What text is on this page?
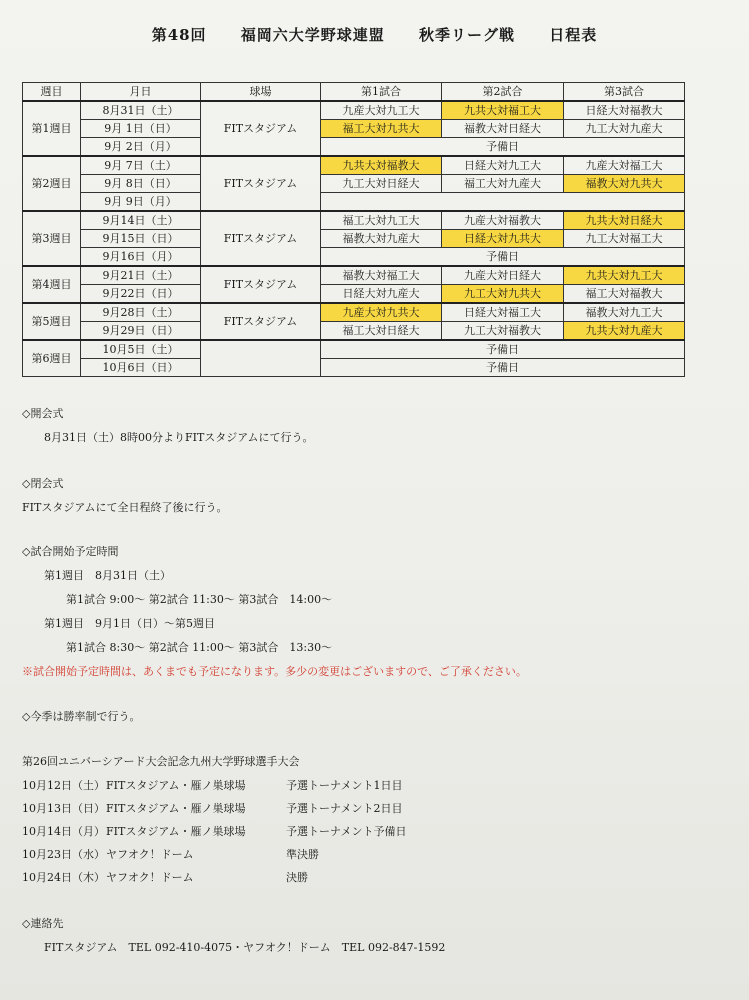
第48回 福岡六大学野球連盟 秋季リーグ戦 日程表
週目	月日	球場	第1試合	第2試合	第3試合
第1週目	8月31日（土）	FITスタジアム	九産大対九工大	九共大対福工大	日経大対福教大
	9月 1日（日）		福工大対九共大	福教大対日経大	九工大対九産大
	9月 2日（月）		予備日		
第2週目	9月 7日（土）	FITスタジアム	九共大対福教大	日経大対九工大	九産大対福工大
	9月 8日（日）		九工大対日経大	福工大対九産大	福教大対九共大
	9月 9日（月）				
第3週目	9月14日（土）	FITスタジアム	福工大対九工大	九産大対福教大	九共大対日経大
	9月15日（日）		福教大対九産大	日経大対九共大	九工大対福工大
	9月16日（月）		予備日		
第4週目	9月21日（土）	FITスタジアム	福教大対福工大	九産大対日経大	九共大対九工大
	9月22日（日）		日経大対九産大	九工大対九共大	福工大対福教大
第5週目	9月28日（土）	FITスタジアム	九産大対九共大	日経大対福工大	福教大対九工大
	9月29日（日）		福工大対日経大	九工大対福教大	九共大対九産大
第6週目	10月5日（土）		予備日		
	10月6日（日）		予備日		
◇開会式
8月31日（土）8時00分よりFITスタジアムにて行う。
◇閉会式
FITスタジアムにて全日程終了後に行う。
◇試合開始予定時間
第1週目　8月31日（土）
第1試合 9:00～ 第2試合 11:30～ 第3試合　14:00～
第1週目　9月1日（日）～第5週目
第1試合 8:30～ 第2試合 11:00～ 第3試合　13:30～
※試合開始予定時間は、あくまでも予定になります。多少の変更はございますので、ご了承ください。
◇今季は勝率制で行う。
第26回ユニバーシアード大会記念九州大学野球選手大会
10月12日（土） FITスタジアム・雁ノ巣球場	予選トーナメント1日目
10月13日（日） FITスタジアム・雁ノ巣球場	予選トーナメント2日目
10月14日（月） FITスタジアム・雁ノ巣球場	予選トーナメント予備日
10月23日（水） ヤフオク！ドーム	準決勝
10月24日（木） ヤフオク！ドーム	決勝
◇連絡先
FITスタジアム　TEL 092-410-4075・ヤフオク！ドーム　TEL 092-847-1592
